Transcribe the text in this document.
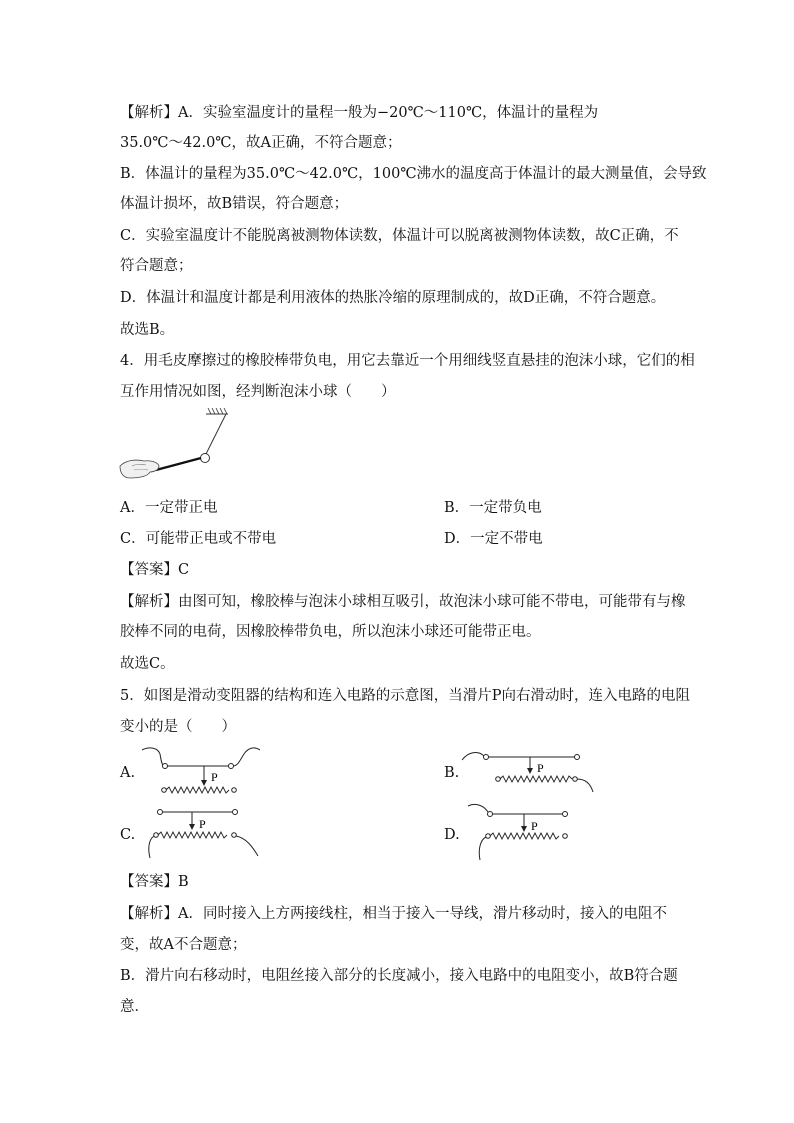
【解析】A．实验室温度计的量程一般为−20℃～110℃，体温计的量程为
35.0℃～42.0℃，故A正确，不符合题意；
B．体温计的量程为35.0℃～42.0℃，100℃沸水的温度高于体温计的最大测量值，会导致
体温计损坏，故B错误，符合题意；
C．实验室温度计不能脱离被测物体读数，体温计可以脱离被测物体读数，故C正确，不
符合题意；
D．体温计和温度计都是利用液体的热胀冷缩的原理制成的，故D正确，不符合题意。
故选B。
4．用毛皮摩擦过的橡胶棒带负电，用它去靠近一个用细线竖直悬挂的泡沫小球，它们的相
互作用情况如图，经判断泡沫小球（　　）
A．一定带正电	B．一定带负电
C．可能带正电或不带电	D．一定不带电
【答案】C
【解析】由图可知，橡胶棒与泡沫小球相互吸引，故泡沫小球可能不带电，可能带有与橡
胶棒不同的电荷，因橡胶棒带负电，所以泡沫小球还可能带正电。
故选C。
5．如图是滑动变阻器的结构和连入电路的示意图，当滑片P向右滑动时，连入电路的电阻
变小的是（　　）
A.	B.
C.	D.
P
P
P	P
【答案】B
【解析】A．同时接入上方两接线柱，相当于接入一导线，滑片移动时，接入的电阻不
变，故A不合题意；
B．滑片向右移动时，电阻丝接入部分的长度减小，接入电路中的电阻变小，故B符合题
意．
